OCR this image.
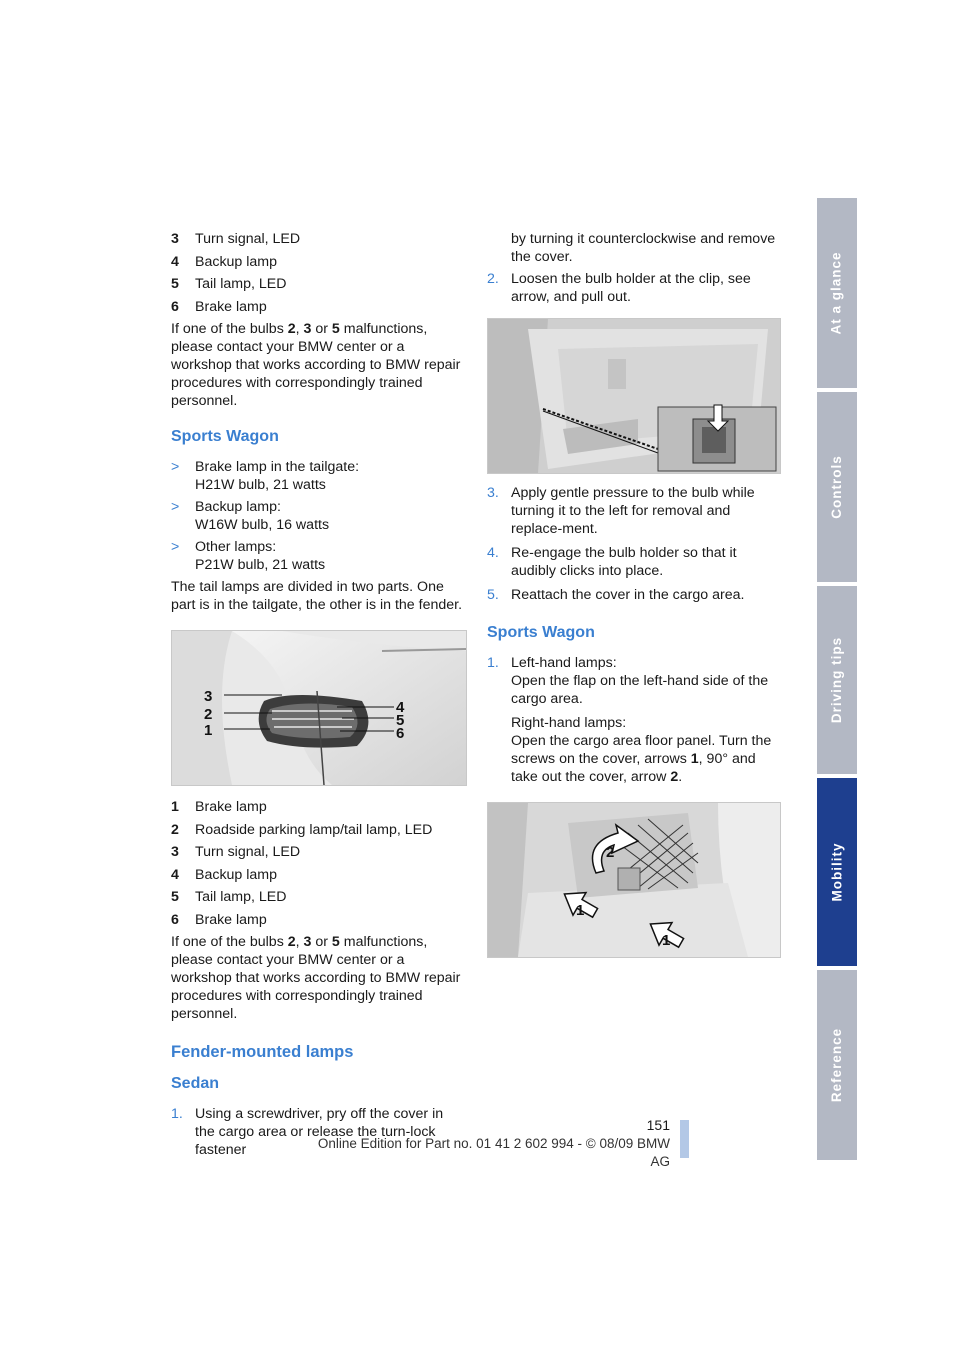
3	Turn signal, LED
4	Backup lamp
5	Tail lamp, LED
6	Brake lamp

If one of the bulbs 2, 3 or 5 malfunctions, please contact your BMW center or a workshop that works according to BMW repair procedures with correspondingly trained personnel.

Sports Wagon
>	Brake lamp in the tailgate:
H21W bulb, 21 watts
>	Backup lamp:
W16W bulb, 16 watts
>	Other lamps:
P21W bulb, 21 watts

The tail lamps are divided in two parts. One part is in the tailgate, the other is in the fender.

3
2
1
4
5
6
1	Brake lamp
2	Roadside parking lamp/tail lamp, LED
3	Turn signal, LED
4	Backup lamp
5	Tail lamp, LED
6	Brake lamp

If one of the bulbs 2, 3 or 5 malfunctions, please contact your BMW center or a workshop that works according to BMW repair procedures with correspondingly trained personnel.

Fender-mounted lamps
Sedan
1. Using a screwdriver, pry off the cover in the cargo area or release the turn-lock fastener
by turning it counterclockwise and remove the cover.
2. Loosen the bulb holder at the clip, see arrow, and pull out.
3. Apply gentle pressure to the bulb while turning it to the left for removal and replace-ment.
4. Re-engage the bulb holder so that it audibly clicks into place.
5. Reattach the cover in the cargo area.
Sports Wagon
1. Left-hand lamps:
Open the flap on the left-hand side of the cargo area.

Right-hand lamps:
Open the cargo area floor panel. Turn the screws on the cover, arrows 1, 90° and take out the cover, arrow 2.

2
1
1
At a glance
Controls
Driving tips
Mobility
Reference
151
Online Edition for Part no. 01 41 2 602 994 - © 08/09 BMW AG
